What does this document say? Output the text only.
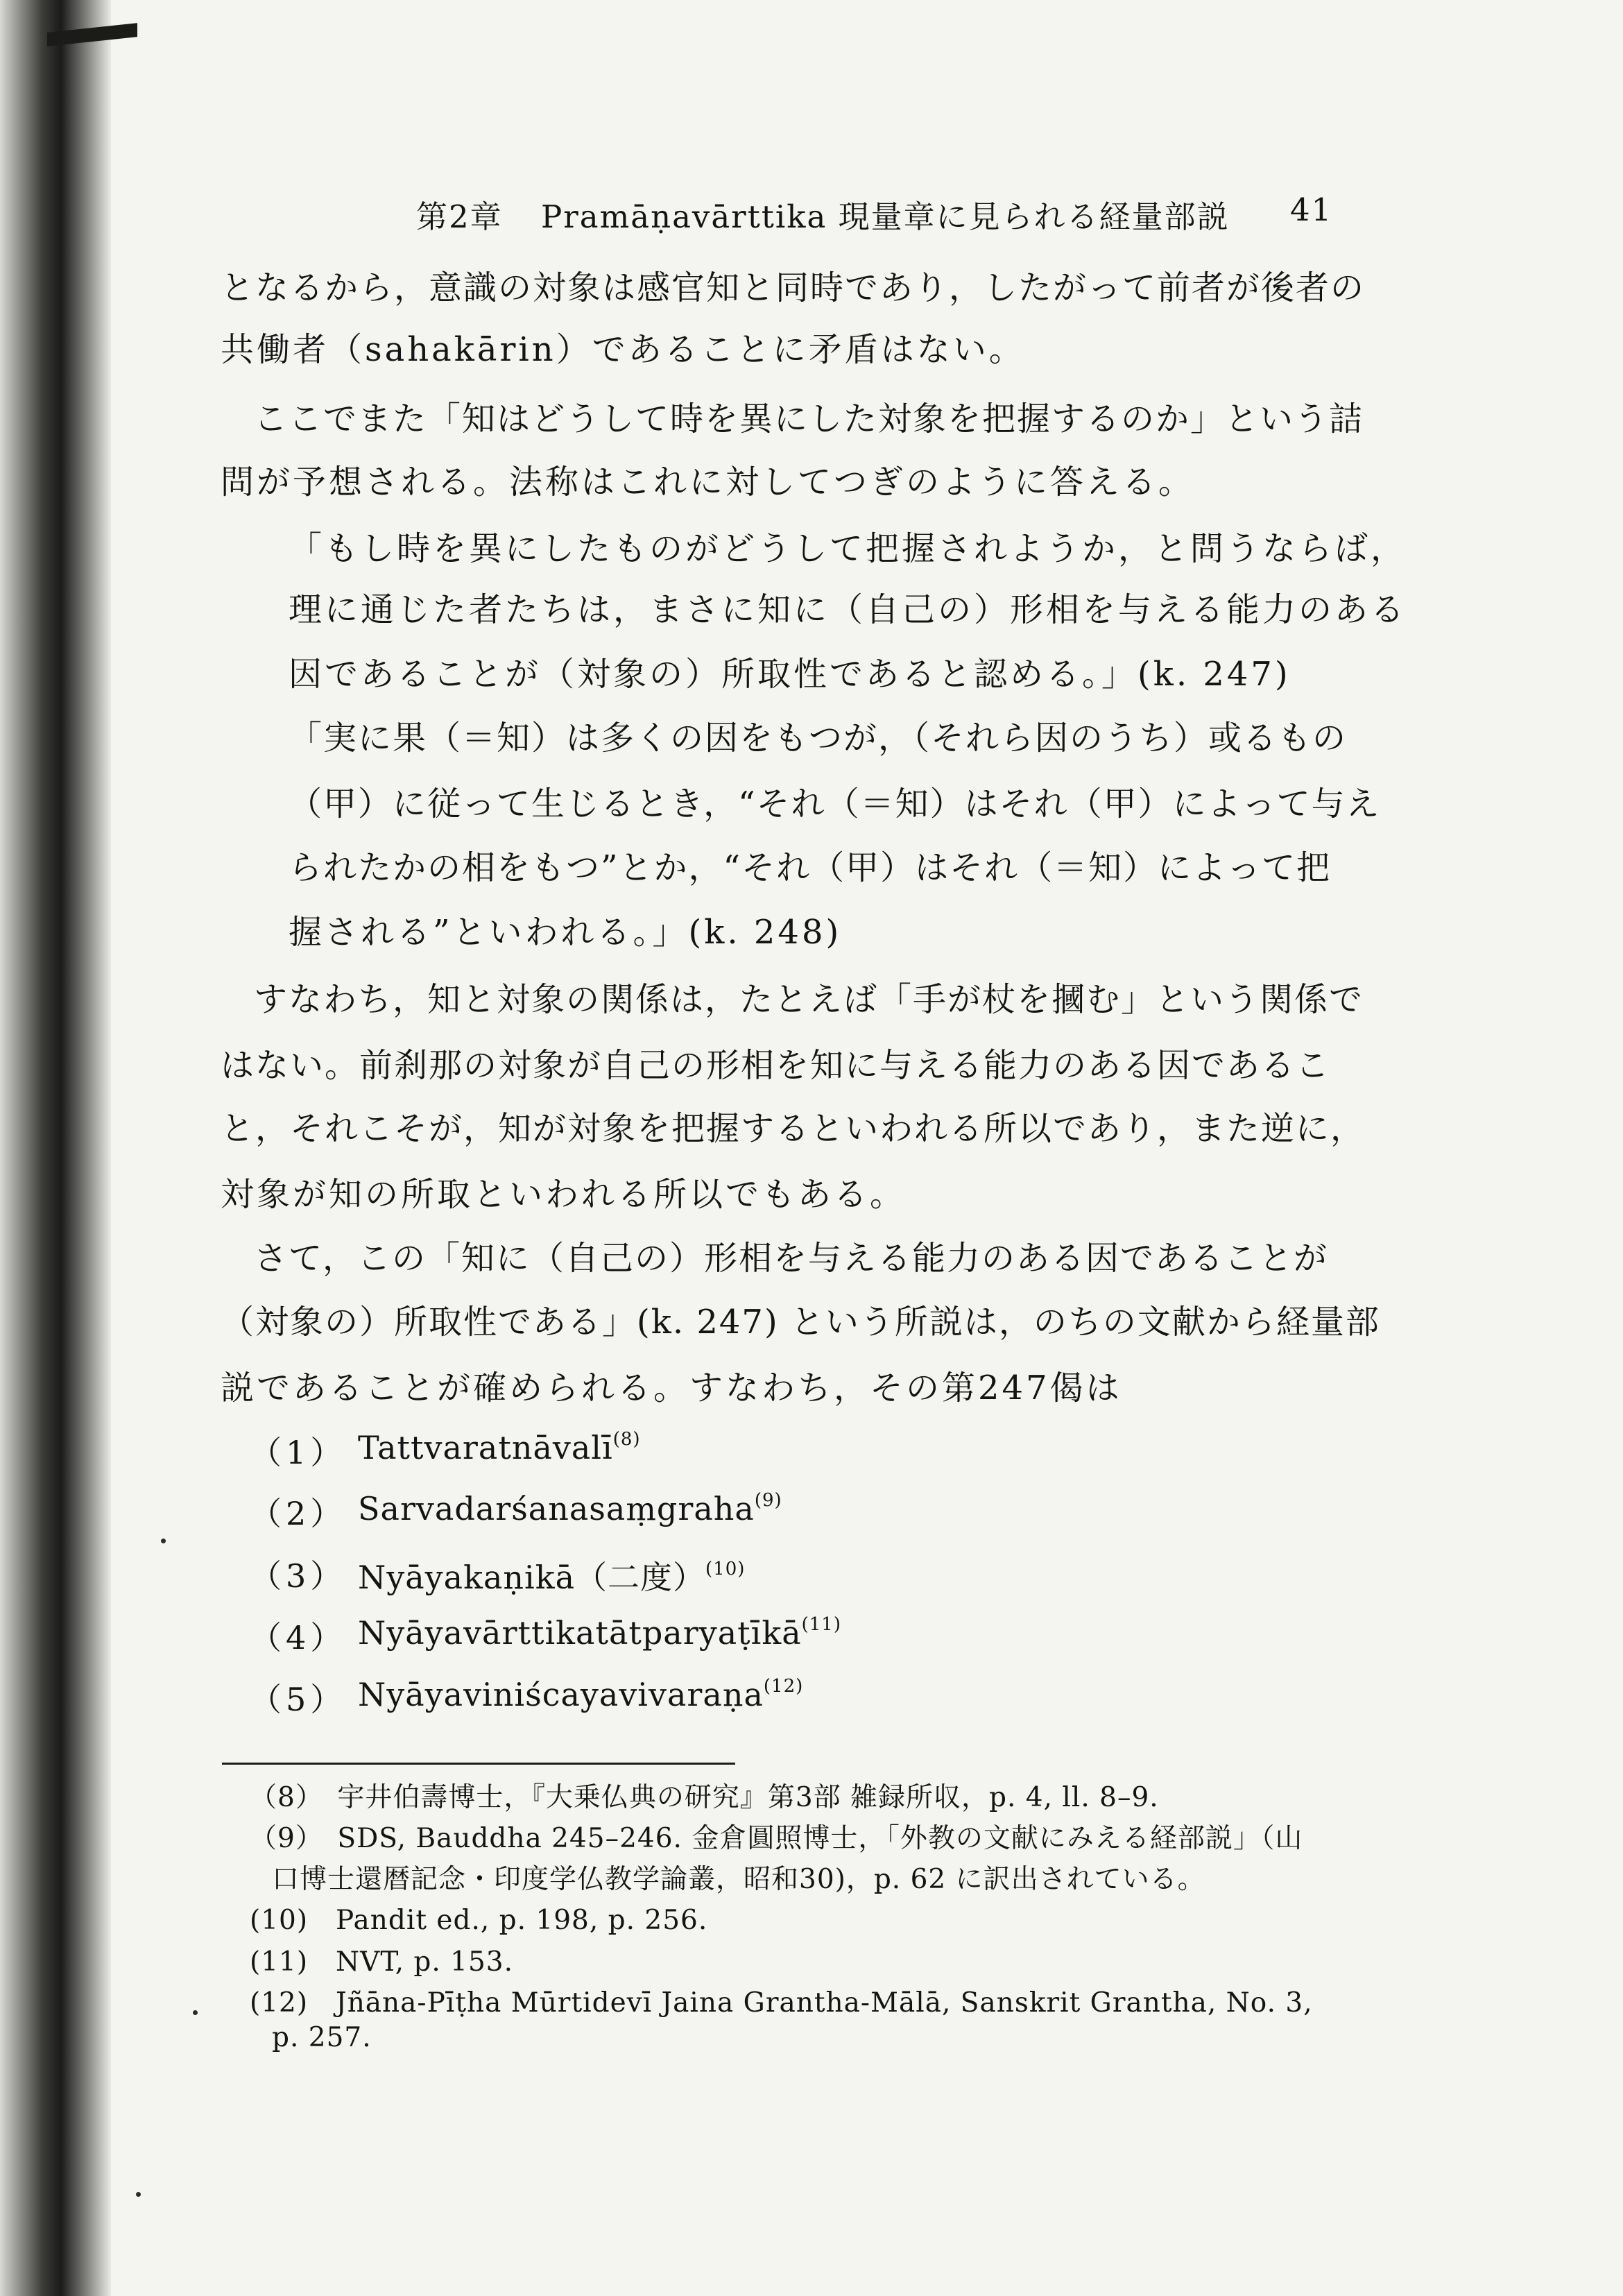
第2章 Pramāṇavārttika 現量章に見られる経量部説 41
となるから，意識の対象は感官知と同時であり，したがって前者が後者の
共働者（sahakārin）であることに矛盾はない。
ここでまた「知はどうして時を異にした対象を把握するのか」という詰
問が予想される。法称はこれに対してつぎのように答える。
「もし時を異にしたものがどうして把握されようか，と問うならば，
理に通じた者たちは，まさに知に（自己の）形相を与える能力のある
因であることが（対象の）所取性であると認める。」(k. 247)
「実に果（＝知）は多くの因をもつが，（それら因のうち）或るもの
（甲）に従って生じるとき，“それ（＝知）はそれ（甲）によって与え
られたかの相をもつ”とか，“それ（甲）はそれ（＝知）によって把
握される”といわれる。」(k. 248)
すなわち，知と対象の関係は，たとえば「手が杖を摑む」という関係で
はない。前刹那の対象が自己の形相を知に与える能力のある因であるこ
と，それこそが，知が対象を把握するといわれる所以であり，また逆に，
対象が知の所取といわれる所以でもある。
さて，この「知に（自己の）形相を与える能力のある因であることが
（対象の）所取性である」(k. 247) という所説は，のちの文献から経量部
説であることが確められる。すなわち，その第247偈は
（1） Tattvaratnāvalī$^{(8)}$
（2） Sarvadarśanasaṃgraha$^{(9)}$
（3） Nyāyakaṇikā（二度）$^{(10)}$
（4） Nyāyavārttikatātparyaṭīkā$^{(11)}$
（5） Nyāyaviniścayavivaraṇa$^{(12)}$
（8）　宇井伯壽博士，『大乗仏典の研究』第3部 雑録所収，p. 4, ll. 8–9.
（9）　SDS, Bauddha 245–246. 金倉圓照博士，「外教の文献にみえる経部説」（山
口博士還暦記念・印度学仏教学論叢，昭和30)，p. 62 に訳出されている。
(10)　Pandit ed., p. 198, p. 256.
(11)　NVT, p. 153.
(12)　Jñāna-Pīṭha Mūrtidevī Jaina Grantha-Mālā, Sanskrit Grantha, No. 3,
p. 257.
